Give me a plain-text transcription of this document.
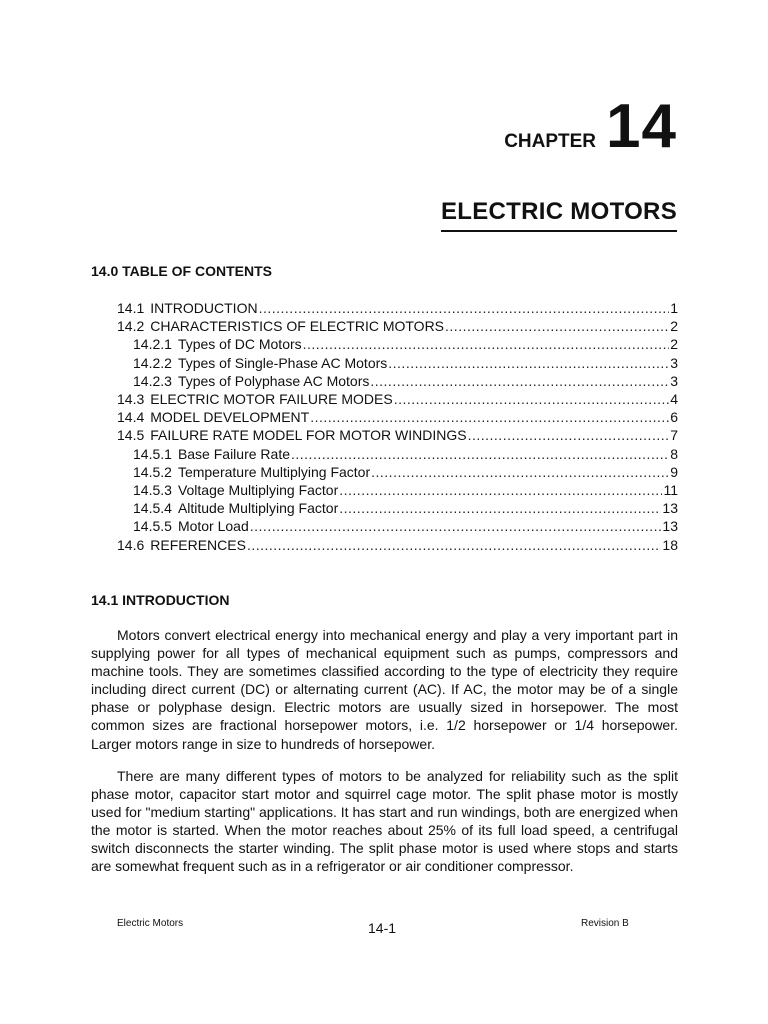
CHAPTER 14
ELECTRIC MOTORS
14.0 TABLE OF CONTENTS
14.1 INTRODUCTION .....	1
14.2 CHARACTERISTICS OF ELECTRIC MOTORS .....	2
14.2.1 Types of DC Motors .....	2
14.2.2 Types of Single-Phase AC Motors .....	3
14.2.3 Types of Polyphase AC Motors .....	3
14.3 ELECTRIC MOTOR FAILURE MODES .....	4
14.4 MODEL DEVELOPMENT .....	6
14.5 FAILURE RATE MODEL FOR MOTOR WINDINGS .....	7
14.5.1 Base Failure Rate .....	8
14.5.2 Temperature Multiplying Factor .....	9
14.5.3 Voltage Multiplying Factor .....	11
14.5.4 Altitude Multiplying Factor .....	13
14.5.5 Motor Load .....	13
14.6 REFERENCES .....	18
14.1 INTRODUCTION

Motors convert electrical energy into mechanical energy and play a very important part in supplying power for all types of mechanical equipment such as pumps, compressors and machine tools. They are sometimes classified according to the type of electricity they require including direct current (DC) or alternating current (AC). If AC, the motor may be of a single phase or polyphase design. Electric motors are usually sized in horsepower. The most common sizes are fractional horsepower motors, i.e. 1/2 horsepower or 1/4 horsepower. Larger motors range in size to hundreds of horsepower.

There are many different types of motors to be analyzed for reliability such as the split phase motor, capacitor start motor and squirrel cage motor. The split phase motor is mostly used for "medium starting" applications. It has start and run windings, both are energized when the motor is started. When the motor reaches about 25% of its full load speed, a centrifugal switch disconnects the starter winding. The split phase motor is used where stops and starts are somewhat frequent such as in a refrigerator or air conditioner compressor.

Electric Motors	14-1	Revision B
